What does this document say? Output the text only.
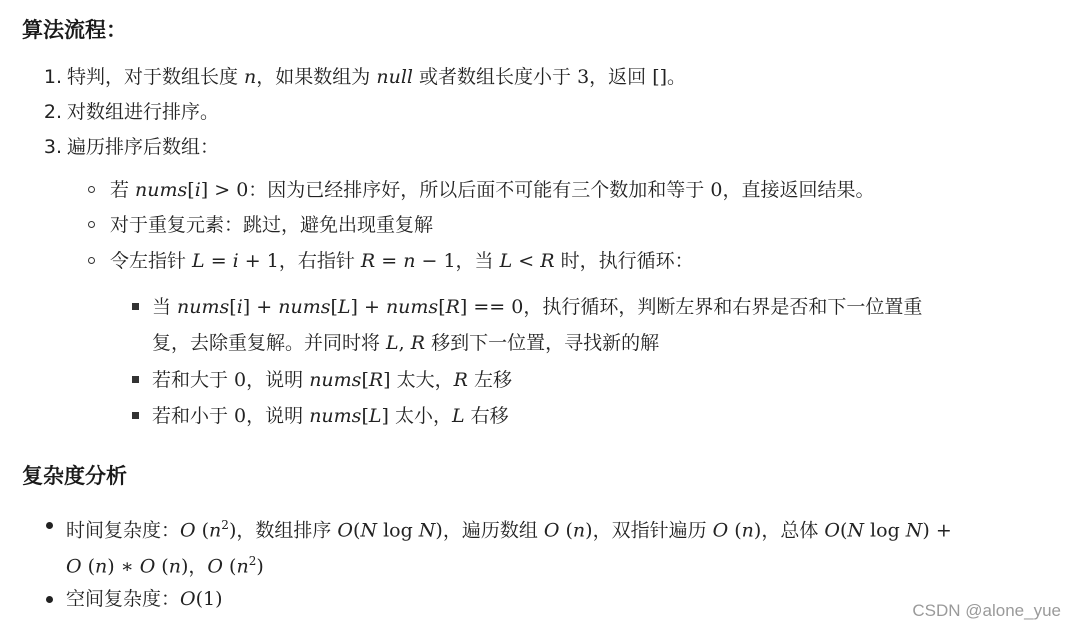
算法流程：
1. 特判，对于数组长度 n，如果数组为 null 或者数组长度小于 3，返回 []。
2. 对数组进行排序。
3. 遍历排序后数组：
若 nums[i] > 0：因为已经排序好，所以后面不可能有三个数加和等于 0，直接返回结果。
对于重复元素：跳过，避免出现重复解
令左指针 L = i + 1，右指针 R = n − 1，当 L < R 时，执行循环：
当 nums[i] + nums[L] + nums[R] == 0，执行循环，判断左界和右界是否和下一位置重
复，去除重复解。并同时将 L, R 移到下一位置，寻找新的解
若和大于 0，说明 nums[R] 太大，R 左移
若和小于 0，说明 nums[L] 太小，L 右移
复杂度分析
时间复杂度：O $(n^2)$，数组排序 O(N log N)，遍历数组 O (n)，双指针遍历 O (n)，总体 O(N log N) +
O (n) ∗ O (n)，O $(n^2)$
空间复杂度：O(1)
CSDN @alone_yue
